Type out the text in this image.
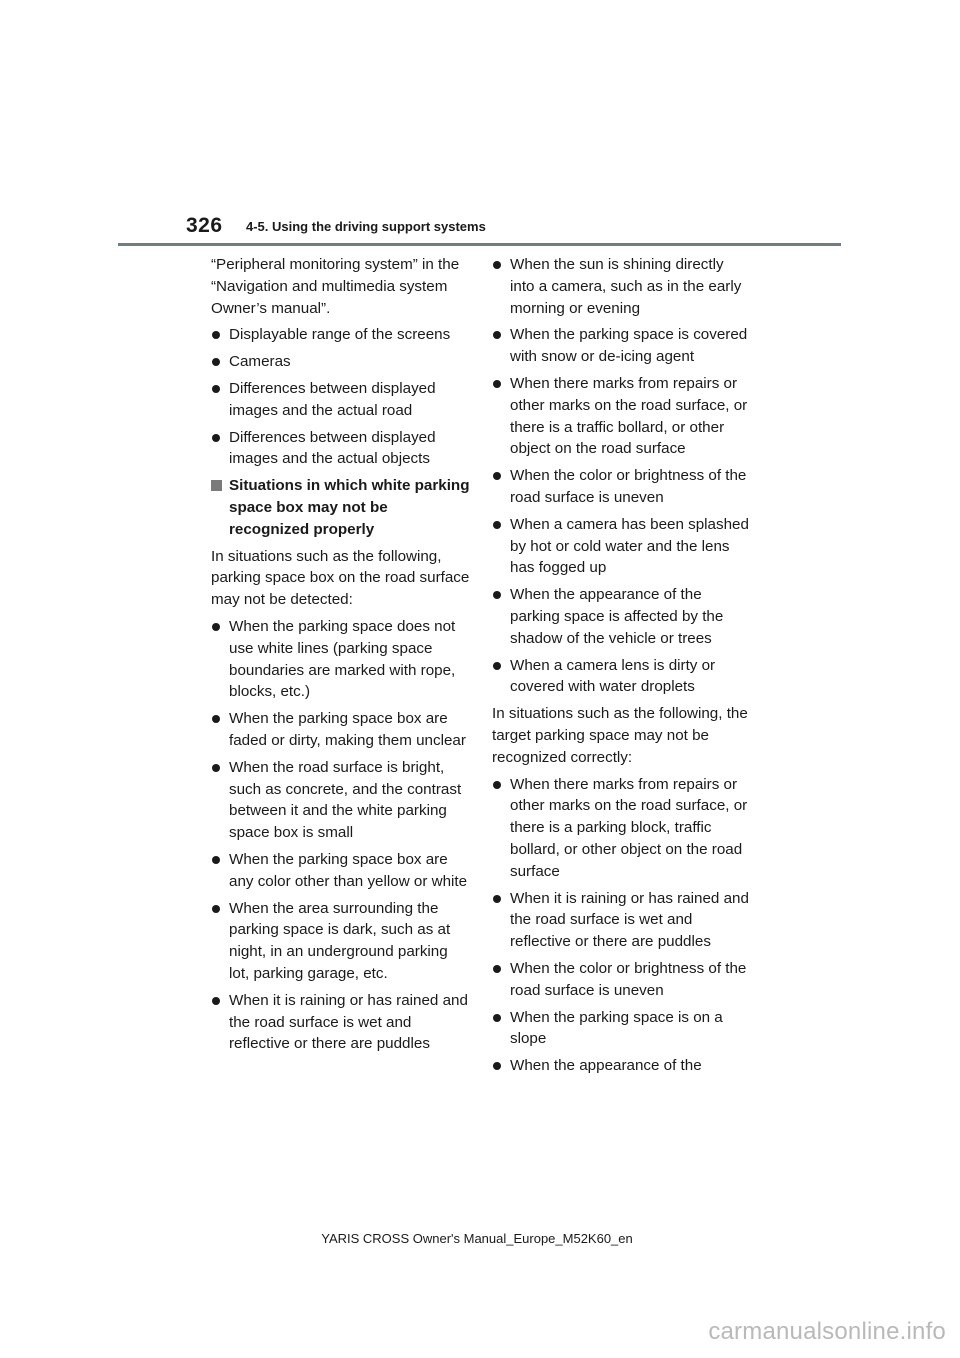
326 4-5. Using the driving support systems

“Peripheral monitoring system” in the “Navigation and multimedia system Owner’s manual”.

Displayable range of the screens
Cameras
Differences between displayed images and the actual road
Differences between displayed images and the actual objects
Situations in which white parking space box may not be recognized properly

In situations such as the following, parking space box on the road surface may not be detected:

When the parking space does not use white lines (parking space boundaries are marked with rope, blocks, etc.)
When the parking space box are faded or dirty, making them unclear
When the road surface is bright, such as concrete, and the contrast between it and the white parking space box is small
When the parking space box are any color other than yellow or white
When the area surrounding the parking space is dark, such as at night, in an underground parking lot, parking garage, etc.
When it is raining or has rained and the road surface is wet and reflective or there are puddles
When the sun is shining directly into a camera, such as in the early morning or evening
When the parking space is covered with snow or de-icing agent
When there marks from repairs or other marks on the road surface, or there is a traffic bollard, or other object on the road surface
When the color or brightness of the road surface is uneven
When a camera has been splashed by hot or cold water and the lens has fogged up
When the appearance of the parking space is affected by the shadow of the vehicle or trees
When a camera lens is dirty or covered with water droplets

In situations such as the following, the target parking space may not be recognized correctly:

When there marks from repairs or other marks on the road surface, or there is a parking block, traffic bollard, or other object on the road surface
When it is raining or has rained and the road surface is wet and reflective or there are puddles
When the color or brightness of the road surface is uneven
When the parking space is on a slope
When the appearance of the
YARIS CROSS Owner's Manual_Europe_M52K60_en
carmanualsonline.info
